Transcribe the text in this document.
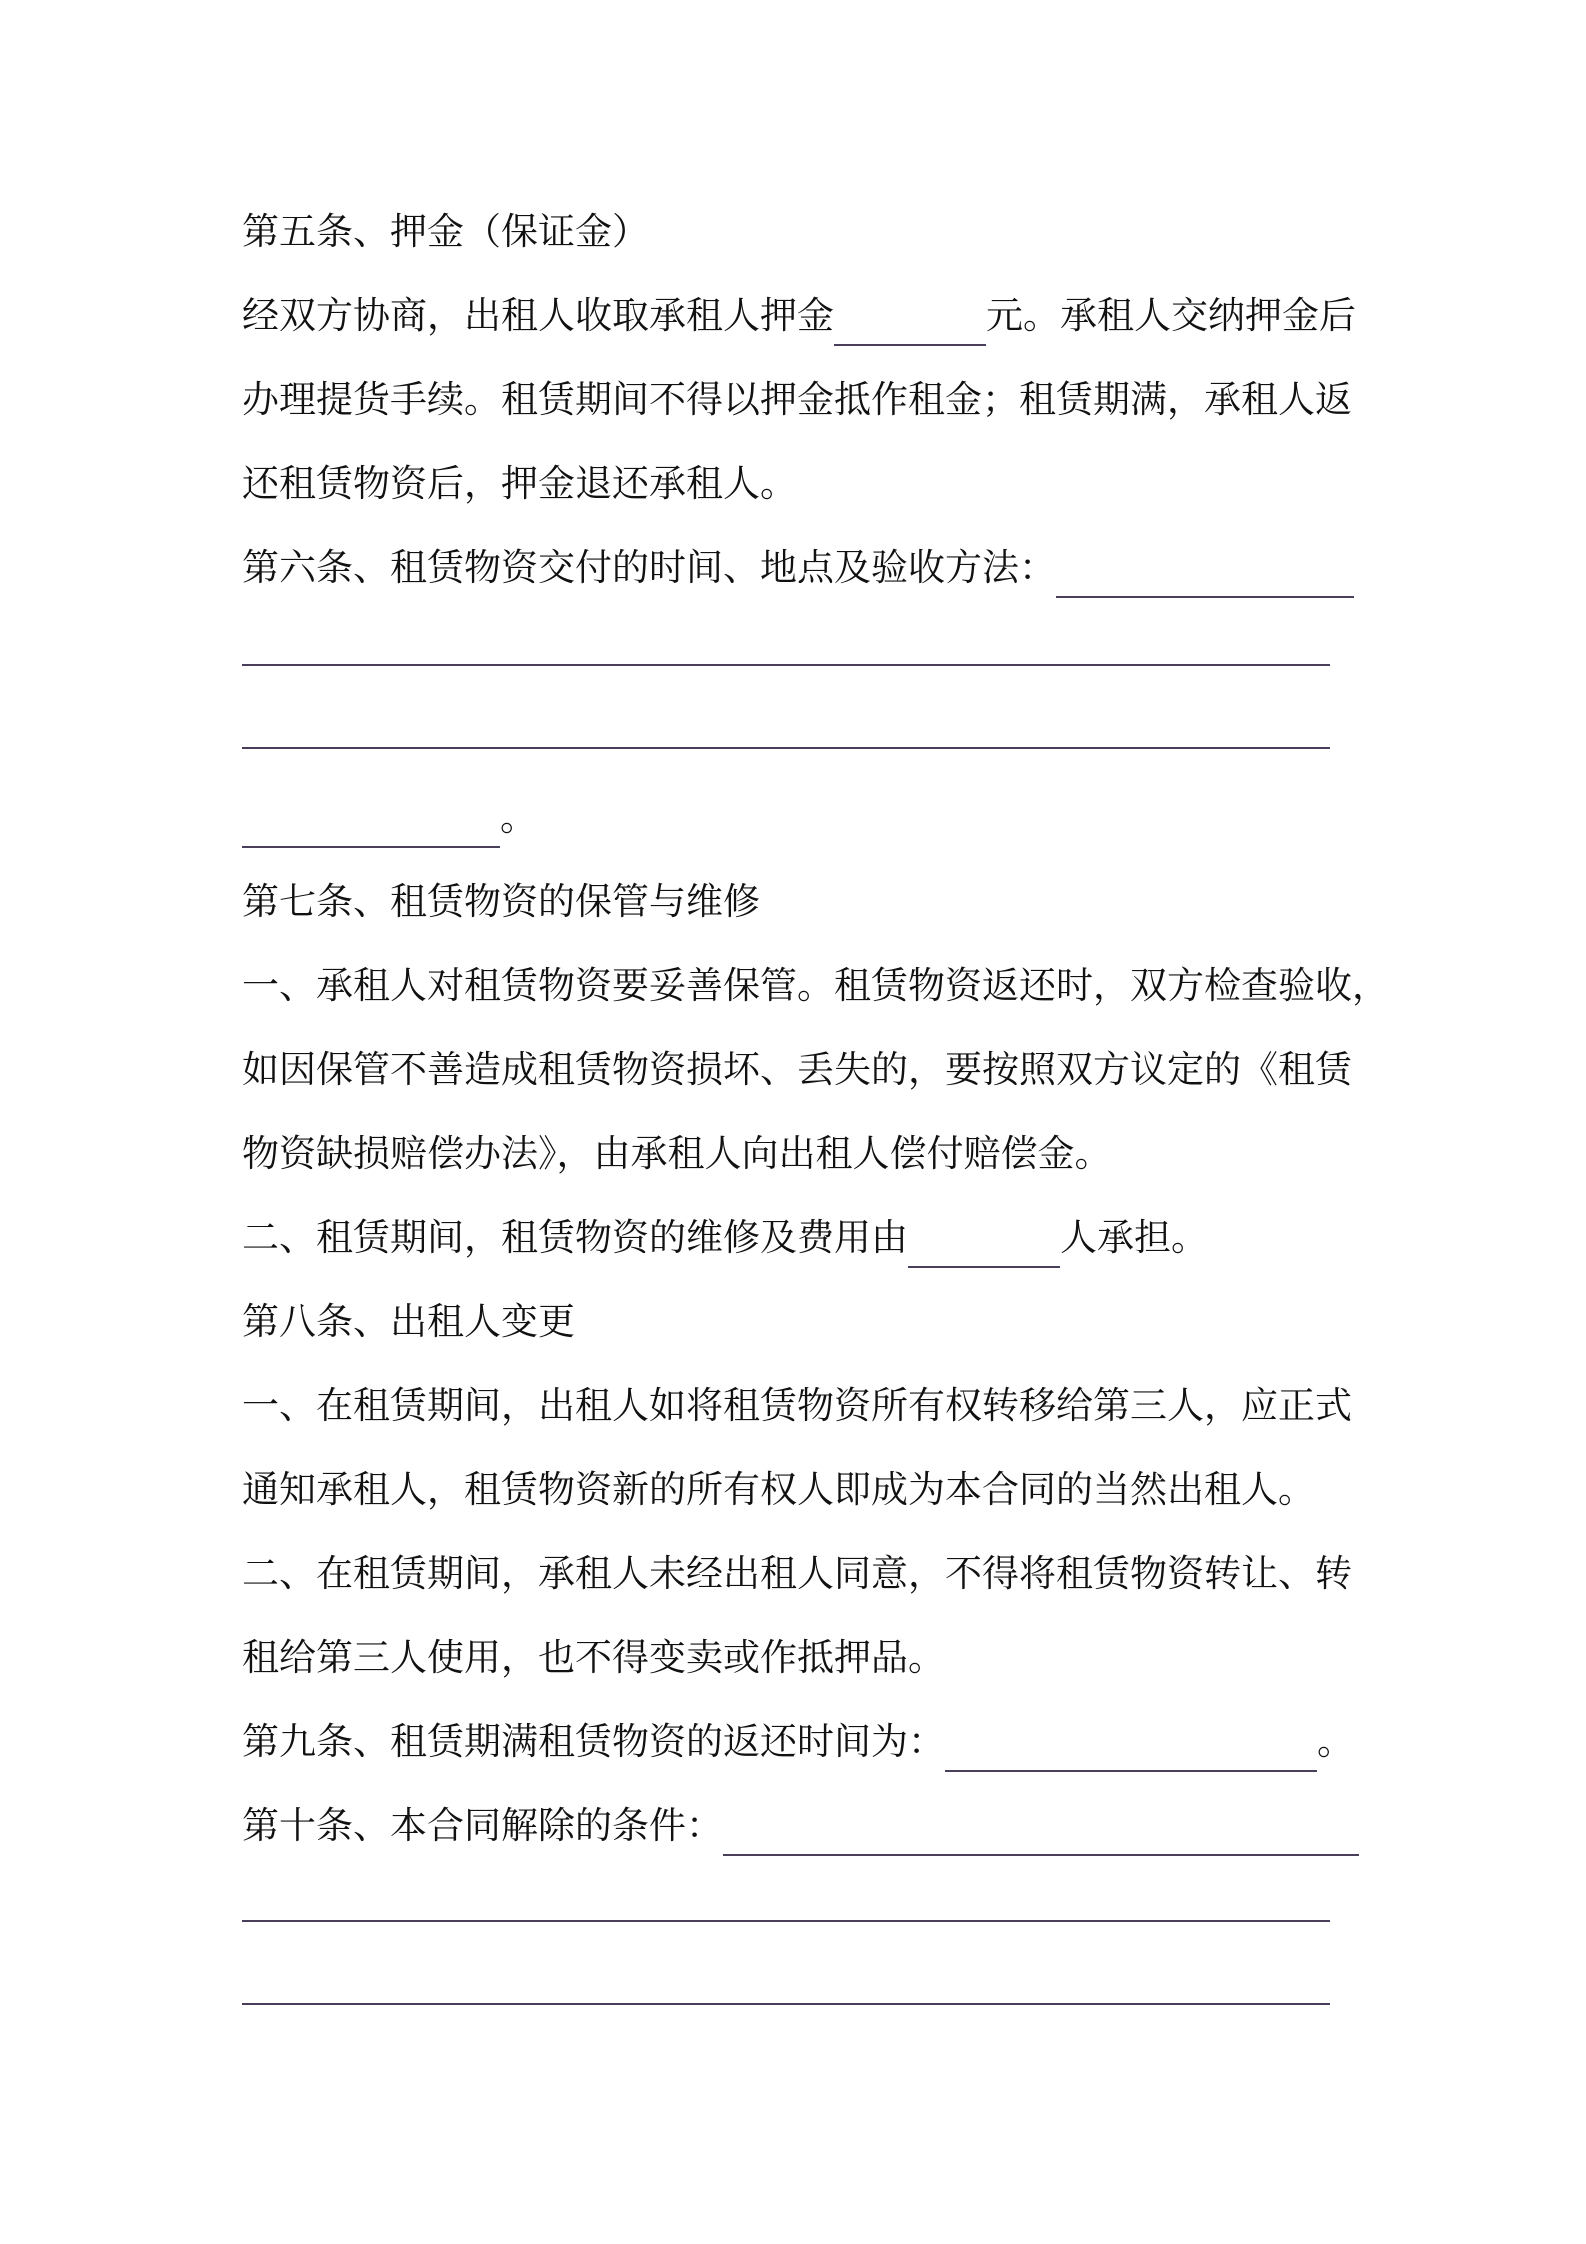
第五条、押金（保证金）
经双方协商，出租人收取承租人押金	元。承租人交纳押金后
办理提货手续。租赁期间不得以押金抵作租金；租赁期满，承租人返
还租赁物资后，押金退还承租人。
第六条、租赁物资交付的时间、地点及验收方法：
。
第七条、租赁物资的保管与维修
一、承租人对租赁物资要妥善保管。租赁物资返还时，双方检查验收，
如因保管不善造成租赁物资损坏、丢失的，要按照双方议定的《租赁
物资缺损赔偿办法》，由承租人向出租人偿付赔偿金。
二、租赁期间，租赁物资的维修及费用由	人承担。
第八条、出租人变更
一、在租赁期间，出租人如将租赁物资所有权转移给第三人，应正式
通知承租人，租赁物资新的所有权人即成为本合同的当然出租人。
二、在租赁期间，承租人未经出租人同意，不得将租赁物资转让、转
租给第三人使用，也不得变卖或作抵押品。
第九条、租赁期满租赁物资的返还时间为：	。
第十条、本合同解除的条件：
